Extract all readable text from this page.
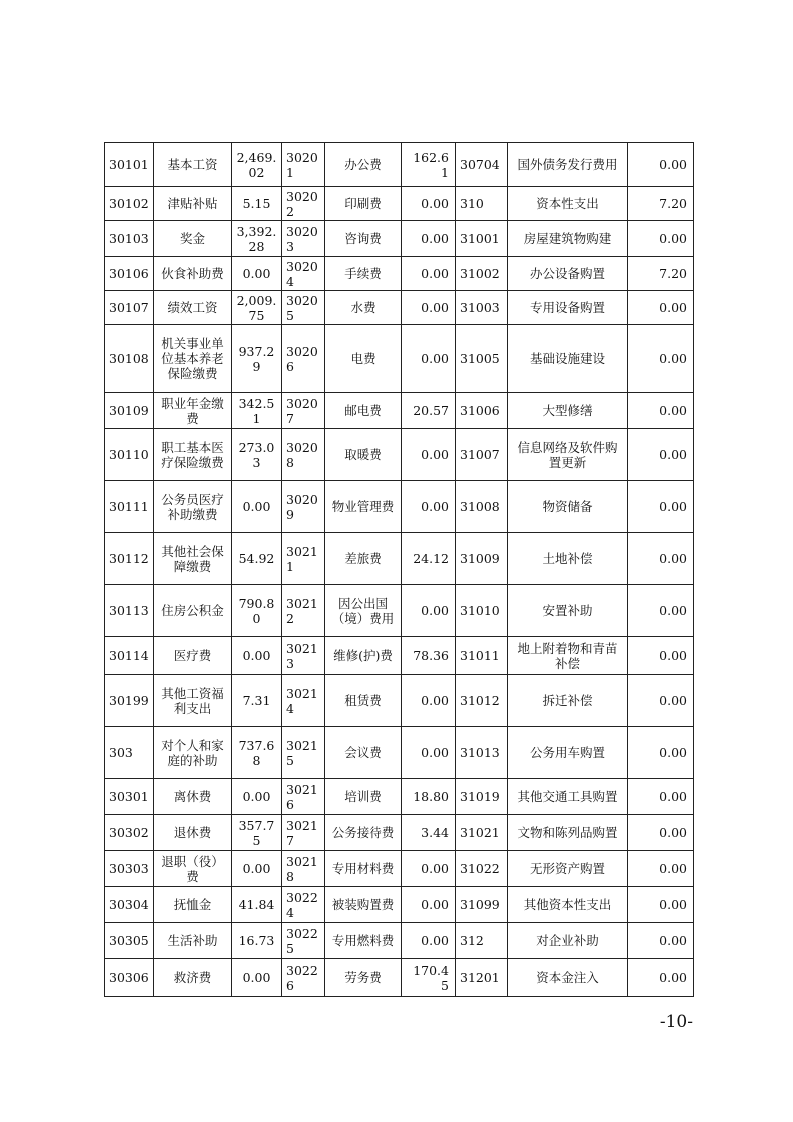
30101	基本工资	2,469.02	30201	办公费	162.61	30704	国外债务发行费用	0.00
30102	津贴补贴	5.15	30202	印刷费	0.00	310	资本性支出	7.20
30103	奖金	3,392.28	30203	咨询费	0.00	31001	房屋建筑物购建	0.00
30106	伙食补助费	0.00	30204	手续费	0.00	31002	办公设备购置	7.20
30107	绩效工资	2,009.75	30205	水费	0.00	31003	专用设备购置	0.00
30108	机关事业单位基本养老保险缴费	937.29	30206	电费	0.00	31005	基础设施建设	0.00
30109	职业年金缴费	342.51	30207	邮电费	20.57	31006	大型修缮	0.00
30110	职工基本医疗保险缴费	273.03	30208	取暖费	0.00	31007	信息网络及软件购置更新	0.00
30111	公务员医疗补助缴费	0.00	30209	物业管理费	0.00	31008	物资储备	0.00
30112	其他社会保障缴费	54.92	30211	差旅费	24.12	31009	土地补偿	0.00
30113	住房公积金	790.80	30212	因公出国（境）费用	0.00	31010	安置补助	0.00
30114	医疗费	0.00	30213	维修(护)费	78.36	31011	地上附着物和青苗补偿	0.00
30199	其他工资福利支出	7.31	30214	租赁费	0.00	31012	拆迁补偿	0.00
303	对个人和家庭的补助	737.68	30215	会议费	0.00	31013	公务用车购置	0.00
30301	离休费	0.00	30216	培训费	18.80	31019	其他交通工具购置	0.00
30302	退休费	357.75	30217	公务接待费	3.44	31021	文物和陈列品购置	0.00
30303	退职（役）费	0.00	30218	专用材料费	0.00	31022	无形资产购置	0.00
30304	抚恤金	41.84	30224	被装购置费	0.00	31099	其他资本性支出	0.00
30305	生活补助	16.73	30225	专用燃料费	0.00	312	对企业补助	0.00
30306	救济费	0.00	30226	劳务费	170.45	31201	资本金注入	0.00
-10-
